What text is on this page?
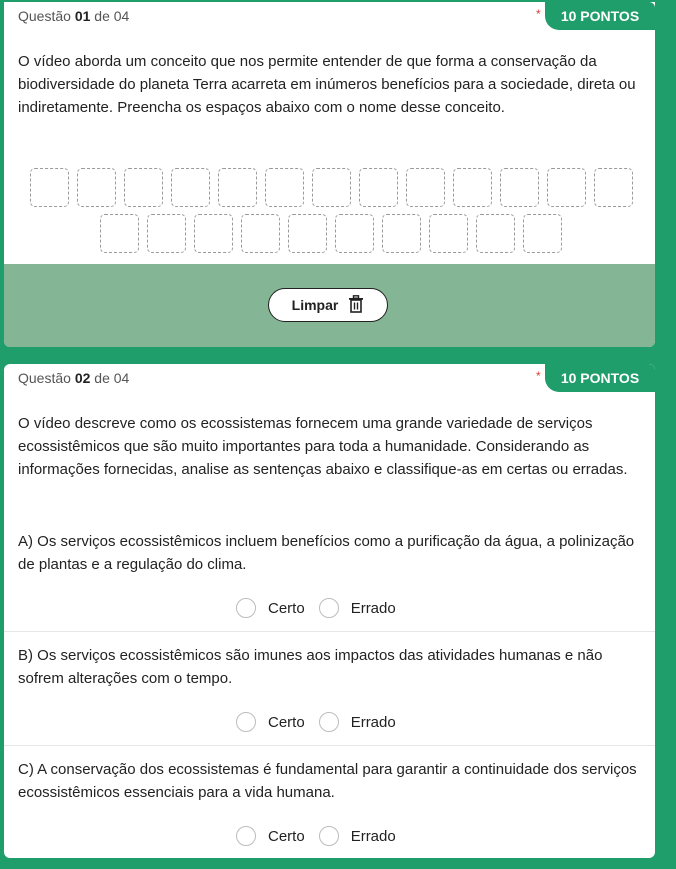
Questão 01 de 04	*	10 PONTOS
O vídeo aborda um conceito que nos permite entender de que forma a conservação da biodiversidade do planeta Terra acarreta em inúmeros benefícios para a sociedade, direta ou indiretamente. Preencha os espaços abaixo com o nome desse conceito.
Limpar
Questão 02 de 04	*	10 PONTOS
O vídeo descreve como os ecossistemas fornecem uma grande variedade de serviços ecossistêmicos que são muito importantes para toda a humanidade. Considerando as informações fornecidas, analise as sentenças abaixo e classifique-as em certas ou erradas.
A) Os serviços ecossistêmicos incluem benefícios como a purificação da água, a polinização de plantas e a regulação do clima.
Certo	Errado
B) Os serviços ecossistêmicos são imunes aos impactos das atividades humanas e não sofrem alterações com o tempo.
Certo	Errado
C) A conservação dos ecossistemas é fundamental para garantir a continuidade dos serviços ecossistêmicos essenciais para a vida humana.
Certo	Errado
